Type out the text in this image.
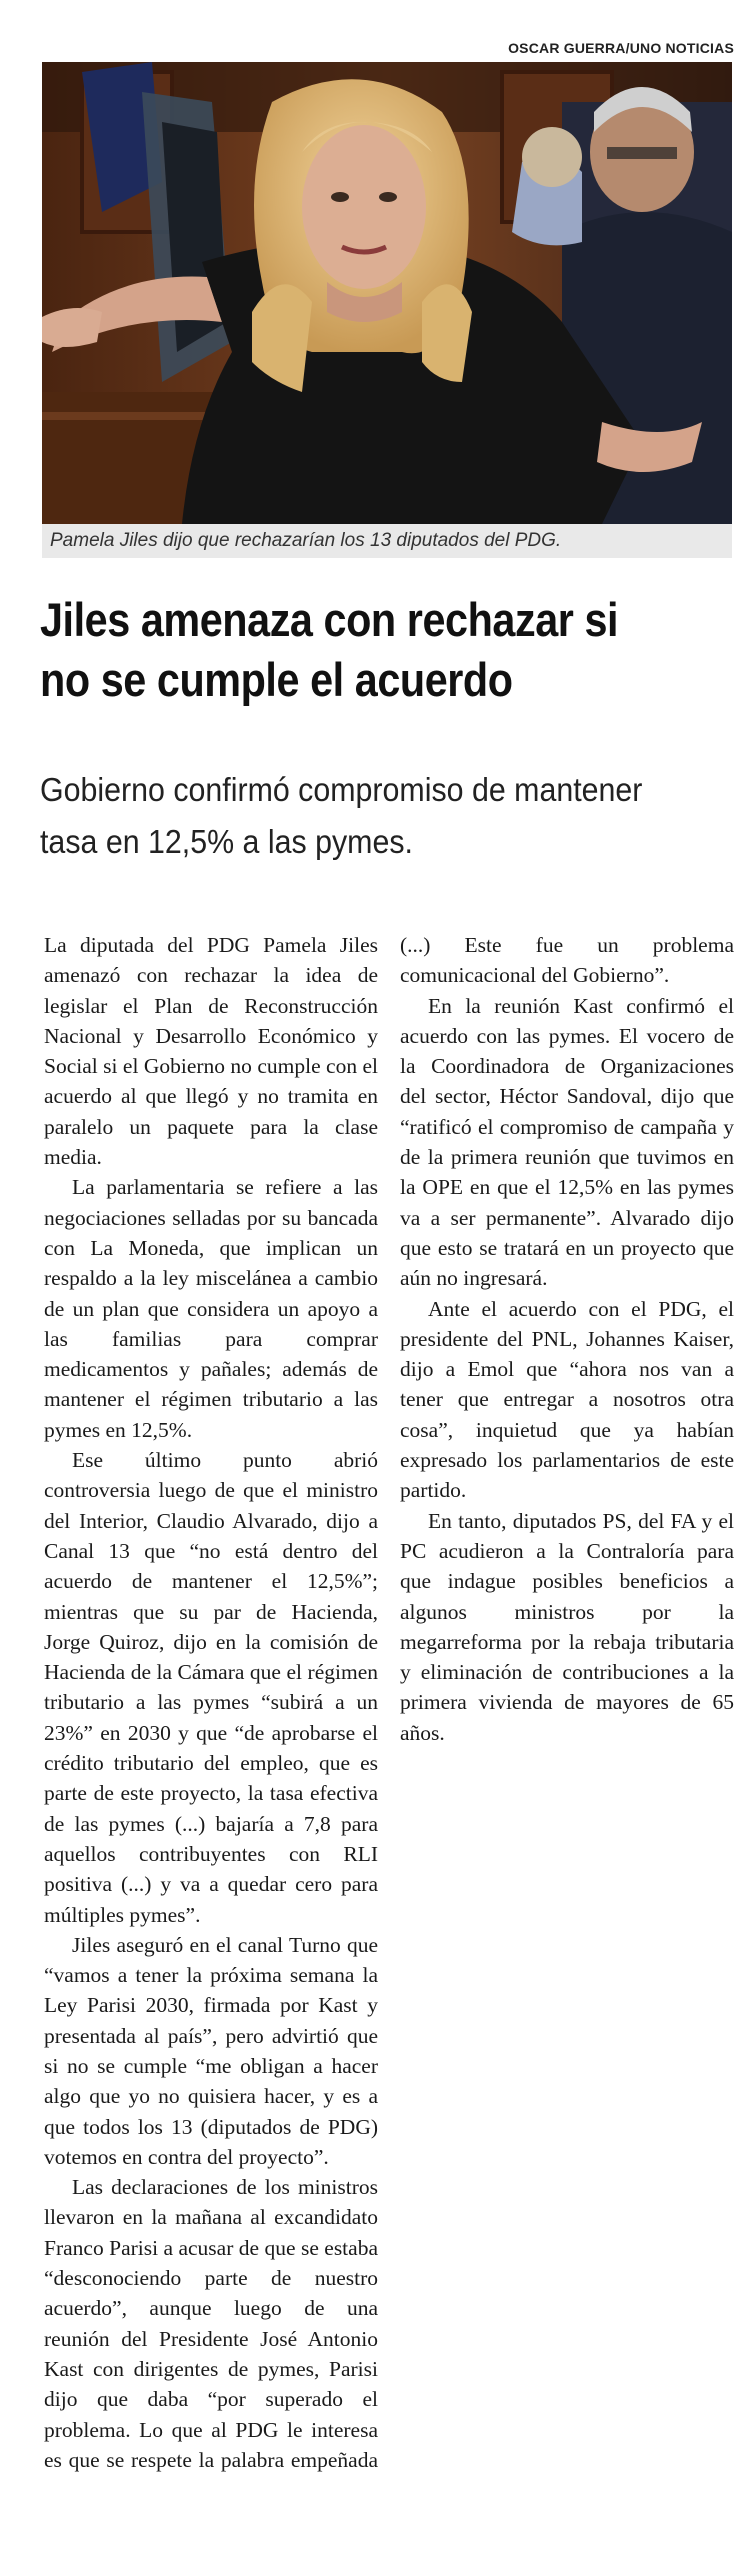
OSCAR GUERRA/UNO NOTICIAS
Pamela Jiles dijo que rechazarían los 13 diputados del PDG.
Jiles amenaza con rechazar si no se cumple el acuerdo
Gobierno confirmó compromiso de mantener tasa en 12,5% a las pymes.

La diputada del PDG Pamela Jiles amenazó con rechazar la idea de legislar el Plan de Reconstrucción Nacional y Desarrollo Económico y Social si el Gobierno no cumple con el acuerdo al que llegó y no tramita en paralelo un paquete para la clase media.

La parlamentaria se refiere a las negociaciones selladas por su bancada con La Moneda, que implican un respaldo a la ley miscelánea a cambio de un plan que considera un apoyo a las familias para comprar medicamentos y pañales; además de mantener el régimen tributario a las pymes en 12,5%.

Ese último punto abrió controversia luego de que el ministro del Interior, Claudio Alvarado, dijo a Canal 13 que “no está dentro del acuerdo de mantener el 12,5%”; mientras que su par de Hacienda, Jorge Quiroz, dijo en la comisión de Hacienda de la Cámara que el régimen tributario a las pymes “subirá a un 23%” en 2030 y que “de aprobarse el crédito tributario del empleo, que es parte de este proyecto, la tasa efectiva de las pymes (...) bajaría a 7,8 para aquellos contribuyentes con RLI positiva (...) y va a quedar cero para múltiples pymes”.

Jiles aseguró en el canal Turno que “vamos a tener la próxima semana la Ley Parisi 2030, firmada por Kast y presentada al país”, pero advirtió que si no se cumple “me obligan a hacer algo que yo no quisiera hacer, y es a que todos los 13 (diputados de PDG) votemos en contra del proyecto”.

Las declaraciones de los ministros llevaron en la mañana al excandidato Franco Parisi a acusar de que se estaba “desconociendo parte de nuestro acuerdo”, aunque luego de una reunión del Presidente José Antonio Kast con dirigentes de pymes, Parisi dijo que daba “por superado el problema. Lo que al PDG le interesa es que se respete la palabra empeñada (...) Este fue un problema comunicacional del Gobierno”.

En la reunión Kast confirmó el acuerdo con las pymes. El vocero de la Coordinadora de Organizaciones del sector, Héctor Sandoval, dijo que “ratificó el compromiso de campaña y de la primera reunión que tuvimos en la OPE en que el 12,5% en las pymes va a ser permanente”. Alvarado dijo que esto se tratará en un proyecto que aún no ingresará.

Ante el acuerdo con el PDG, el presidente del PNL, Johannes Kaiser, dijo a Emol que “ahora nos van a tener que entregar a nosotros otra cosa”, inquietud que ya habían expresado los parlamentarios de este partido.

En tanto, diputados PS, del FA y el PC acudieron a la Contraloría para que indague posibles beneficios a algunos ministros por la megarreforma por la rebaja tributaria y eliminación de contribuciones a la primera vivienda de mayores de 65 años.
